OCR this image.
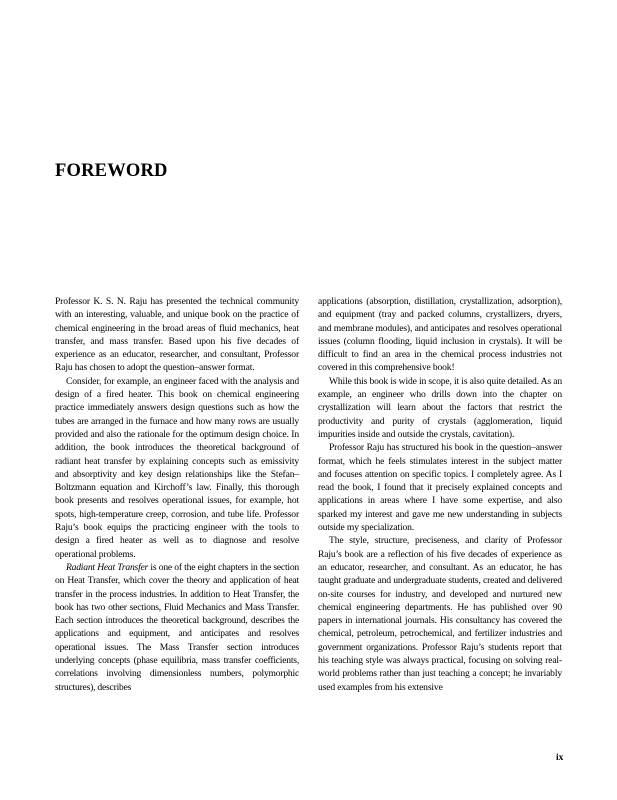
FOREWORD

Professor K. S. N. Raju has presented the technical community with an interesting, valuable, and unique book on the practice of chemical engineering in the broad areas of fluid mechanics, heat transfer, and mass transfer. Based upon his five decades of experience as an educator, researcher, and consultant, Professor Raju has chosen to adopt the question–answer format.

Consider, for example, an engineer faced with the analysis and design of a fired heater. This book on chemical engineering practice immediately answers design questions such as how the tubes are arranged in the furnace and how many rows are usually provided and also the rationale for the optimum design choice. In addition, the book introduces the theoretical background of radiant heat transfer by explaining concepts such as emissivity and absorptivity and key design relationships like the Stefan–Boltzmann equation and Kirchoff’s law. Finally, this thorough book presents and resolves operational issues, for example, hot spots, high-temperature creep, corrosion, and tube life. Professor Raju’s book equips the practicing engineer with the tools to design a fired heater as well as to diagnose and resolve operational problems.

Radiant Heat Transfer is one of the eight chapters in the section on Heat Transfer, which cover the theory and application of heat transfer in the process industries. In addition to Heat Transfer, the book has two other sections, Fluid Mechanics and Mass Transfer. Each section introduces the theoretical background, describes the applications and equipment, and anticipates and resolves operational issues. The Mass Transfer section introduces underlying concepts (phase equilibria, mass transfer coefficients, correlations involving dimensionless numbers, polymorphic structures), describes

applications (absorption, distillation, crystallization, adsorption), and equipment (tray and packed columns, crystallizers, dryers, and membrane modules), and anticipates and resolves operational issues (column flooding, liquid inclusion in crystals). It will be difficult to find an area in the chemical process industries not covered in this comprehensive book!

While this book is wide in scope, it is also quite detailed. As an example, an engineer who drills down into the chapter on crystallization will learn about the factors that restrict the productivity and purity of crystals (agglomeration, liquid impurities inside and outside the crystals, cavitation).

Professor Raju has structured his book in the question–answer format, which he feels stimulates interest in the subject matter and focuses attention on specific topics. I completely agree. As I read the book, I found that it precisely explained concepts and applications in areas where I have some expertise, and also sparked my interest and gave me new understanding in subjects outside my specialization.

The style, structure, preciseness, and clarity of Professor Raju’s book are a reflection of his five decades of experience as an educator, researcher, and consultant. As an educator, he has taught graduate and undergraduate students, created and delivered on-site courses for industry, and developed and nurtured new chemical engineering departments. He has published over 90 papers in international journals. His consultancy has covered the chemical, petroleum, petrochemical, and fertilizer industries and government organizations. Professor Raju’s students report that his teaching style was always practical, focusing on solving real-world problems rather than just teaching a concept; he invariably used examples from his extensive

ix
